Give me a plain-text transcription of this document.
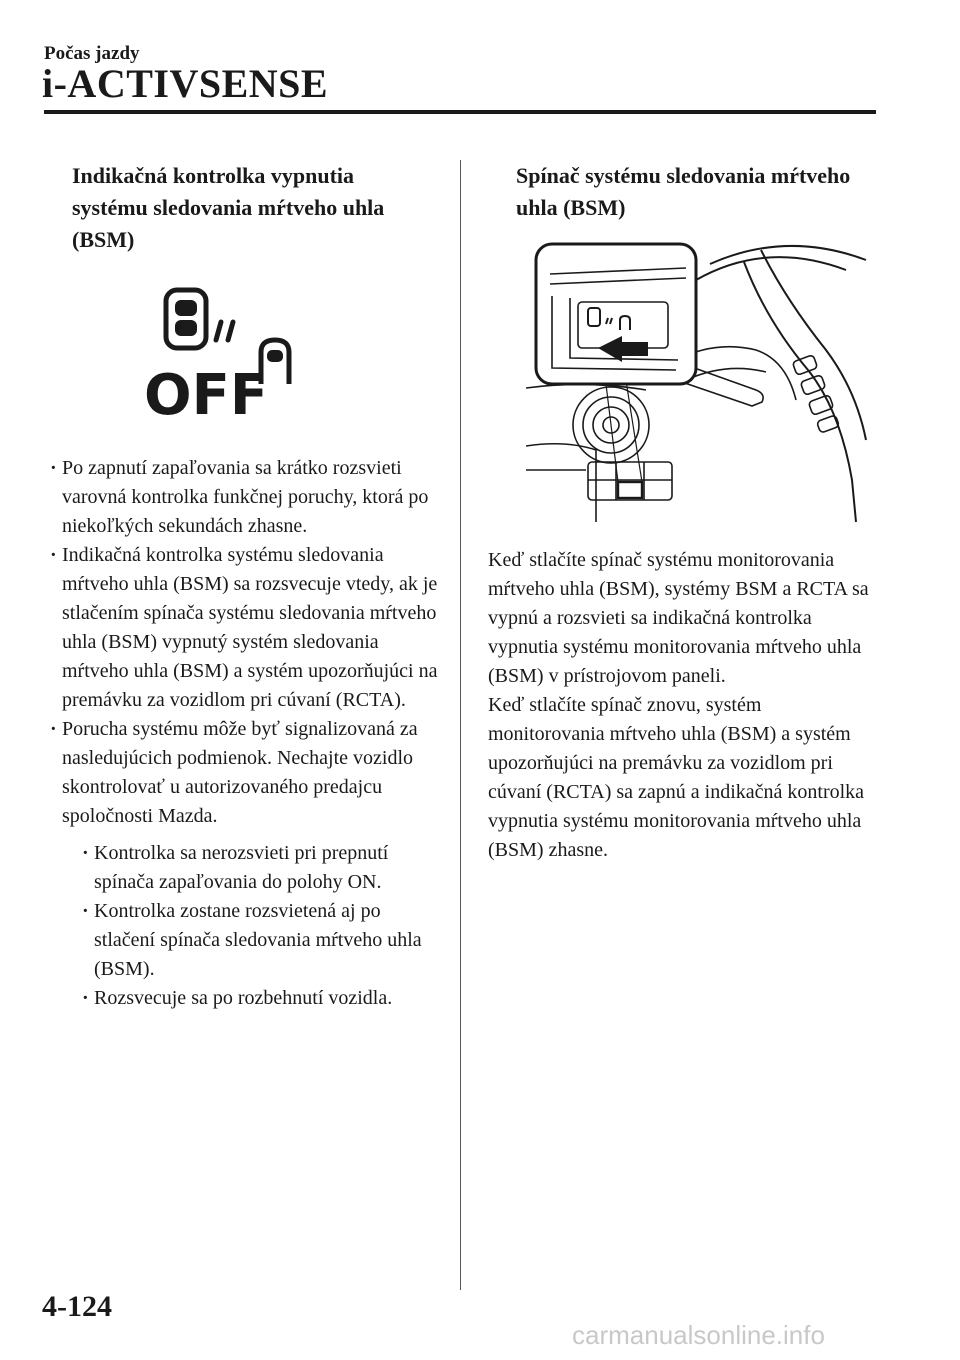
Počas jazdy
i-ACTIVSENSE
Indikačná kontrolka vypnutia
systému sledovania mŕtveho uhla
(BSM)
OFF
· Po zapnutí zapaľovania sa krátko rozsvieti varovná kontrolka funkčnej poruchy, ktorá po niekoľkých sekundách zhasne.
· Indikačná kontrolka systému sledovania mŕtveho uhla (BSM) sa rozsvecuje vtedy, ak je stlačením spínača systému sledovania mŕtveho uhla (BSM) vypnutý systém sledovania mŕtveho uhla (BSM) a systém upozorňujúci na premávku za vozidlom pri cúvaní (RCTA).
· Porucha systému môže byť signalizovaná za nasledujúcich podmienok. Nechajte vozidlo skontrolovať u autorizovaného predajcu spoločnosti Mazda.
· Kontrolka sa nerozsvieti pri prepnutí spínača zapaľovania do polohy ON.
· Kontrolka zostane rozsvietená aj po stlačení spínača sledovania mŕtveho uhla (BSM).
· Rozsvecuje sa po rozbehnutí vozidla.
Spínač systému sledovania mŕtveho
uhla (BSM)

Keď stlačíte spínač systému monitorovania mŕtveho uhla (BSM), systémy BSM a RCTA sa vypnú a rozsvieti sa indikačná kontrolka vypnutia systému monitorovania mŕtveho uhla (BSM) v prístrojovom paneli.

Keď stlačíte spínač znovu, systém monitorovania mŕtveho uhla (BSM) a systém upozorňujúci na premávku za vozidlom pri cúvaní (RCTA) sa zapnú a indikačná kontrolka vypnutia systému monitorovania mŕtveho uhla (BSM) zhasne.

4-124
carmanualsonline.info
